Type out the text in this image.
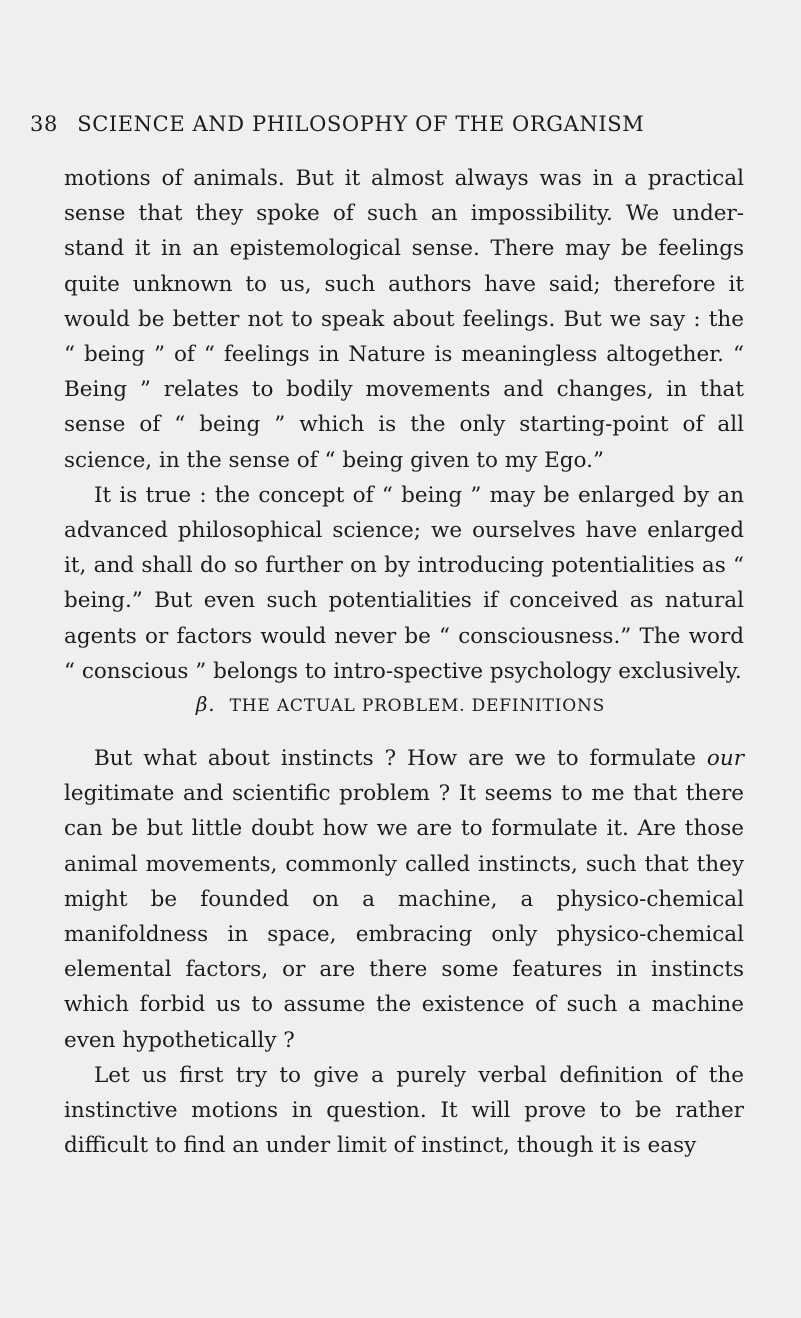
38 SCIENCE AND PHILOSOPHY OF THE ORGANISM

motions of animals. But it almost always was in a practical sense that they spoke of such an impossibility. We under-stand it in an epistemological sense. There may be feelings quite unknown to us, such authors have said; therefore it would be better not to speak about feelings. But we say : the “ being ” of “ feelings in Nature is meaningless altogether. “ Being ” relates to bodily movements and changes, in that sense of “ being ” which is the only starting-point of all science, in the sense of “ being given to my Ego.”

It is true : the concept of “ being ” may be enlarged by an advanced philosophical science; we ourselves have enlarged it, and shall do so further on by introducing potentialities as “ being.” But even such potentialities if conceived as natural agents or factors would never be “ consciousness.” The word “ conscious ” belongs to intro-spective psychology exclusively.

β. THE ACTUAL PROBLEM. DEFINITIONS

But what about instincts ? How are we to formulate our legitimate and scientific problem ? It seems to me that there can be but little doubt how we are to formulate it. Are those animal movements, commonly called instincts, such that they might be founded on a machine, a physico-chemical manifoldness in space, embracing only physico-chemical elemental factors, or are there some features in instincts which forbid us to assume the existence of such a machine even hypothetically ?

Let us first try to give a purely verbal definition of the instinctive motions in question. It will prove to be rather difficult to find an under limit of instinct, though it is easy
